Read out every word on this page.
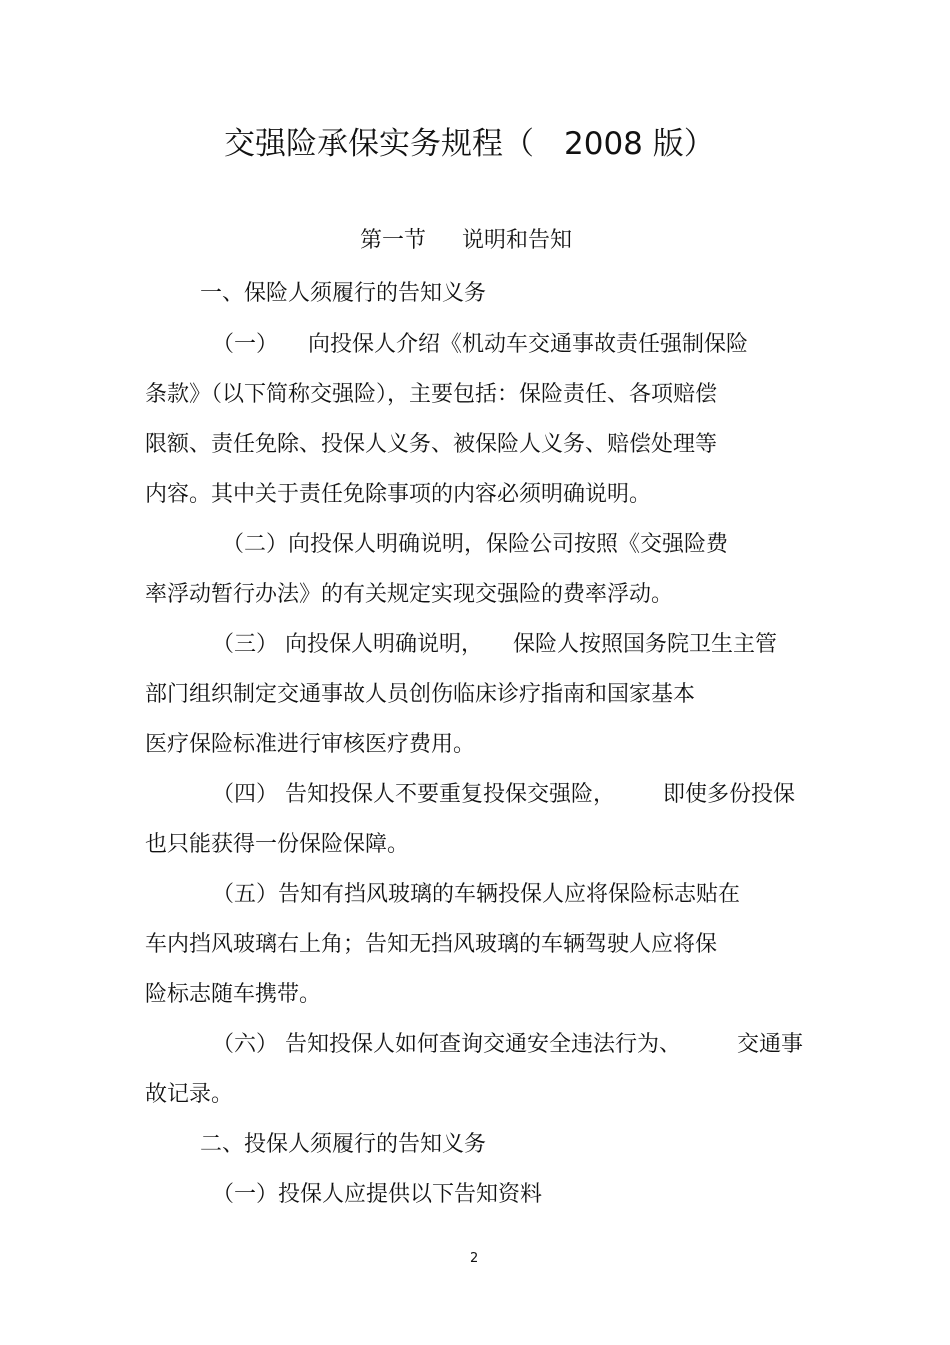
交强险承保实务规程（ 2008 版）
第一节 说明和告知
一、保险人须履行的告知义务
（一） 向投保人介绍《机动车交通事故责任强制保险
条款》（以下简称交强险），主要包括：保险责任、各项赔偿
限额、责任免除、投保人义务、被保险人义务、赔偿处理等
内容。其中关于责任免除事项的内容必须明确说明。
（二）向投保人明确说明，保险公司按照《交强险费
率浮动暂行办法》的有关规定实现交强险的费率浮动。
（三） 向投保人明确说明， 保险人按照国务院卫生主管
部门组织制定交通事故人员创伤临床诊疗指南和国家基本
医疗保险标准进行审核医疗费用。
（四） 告知投保人不要重复投保交强险， 即使多份投保
也只能获得一份保险保障。
（五）告知有挡风玻璃的车辆投保人应将保险标志贴在
车内挡风玻璃右上角；告知无挡风玻璃的车辆驾驶人应将保
险标志随车携带。
（六） 告知投保人如何查询交通安全违法行为、	交通事
故记录。
二、投保人须履行的告知义务
（一）投保人应提供以下告知资料
2
